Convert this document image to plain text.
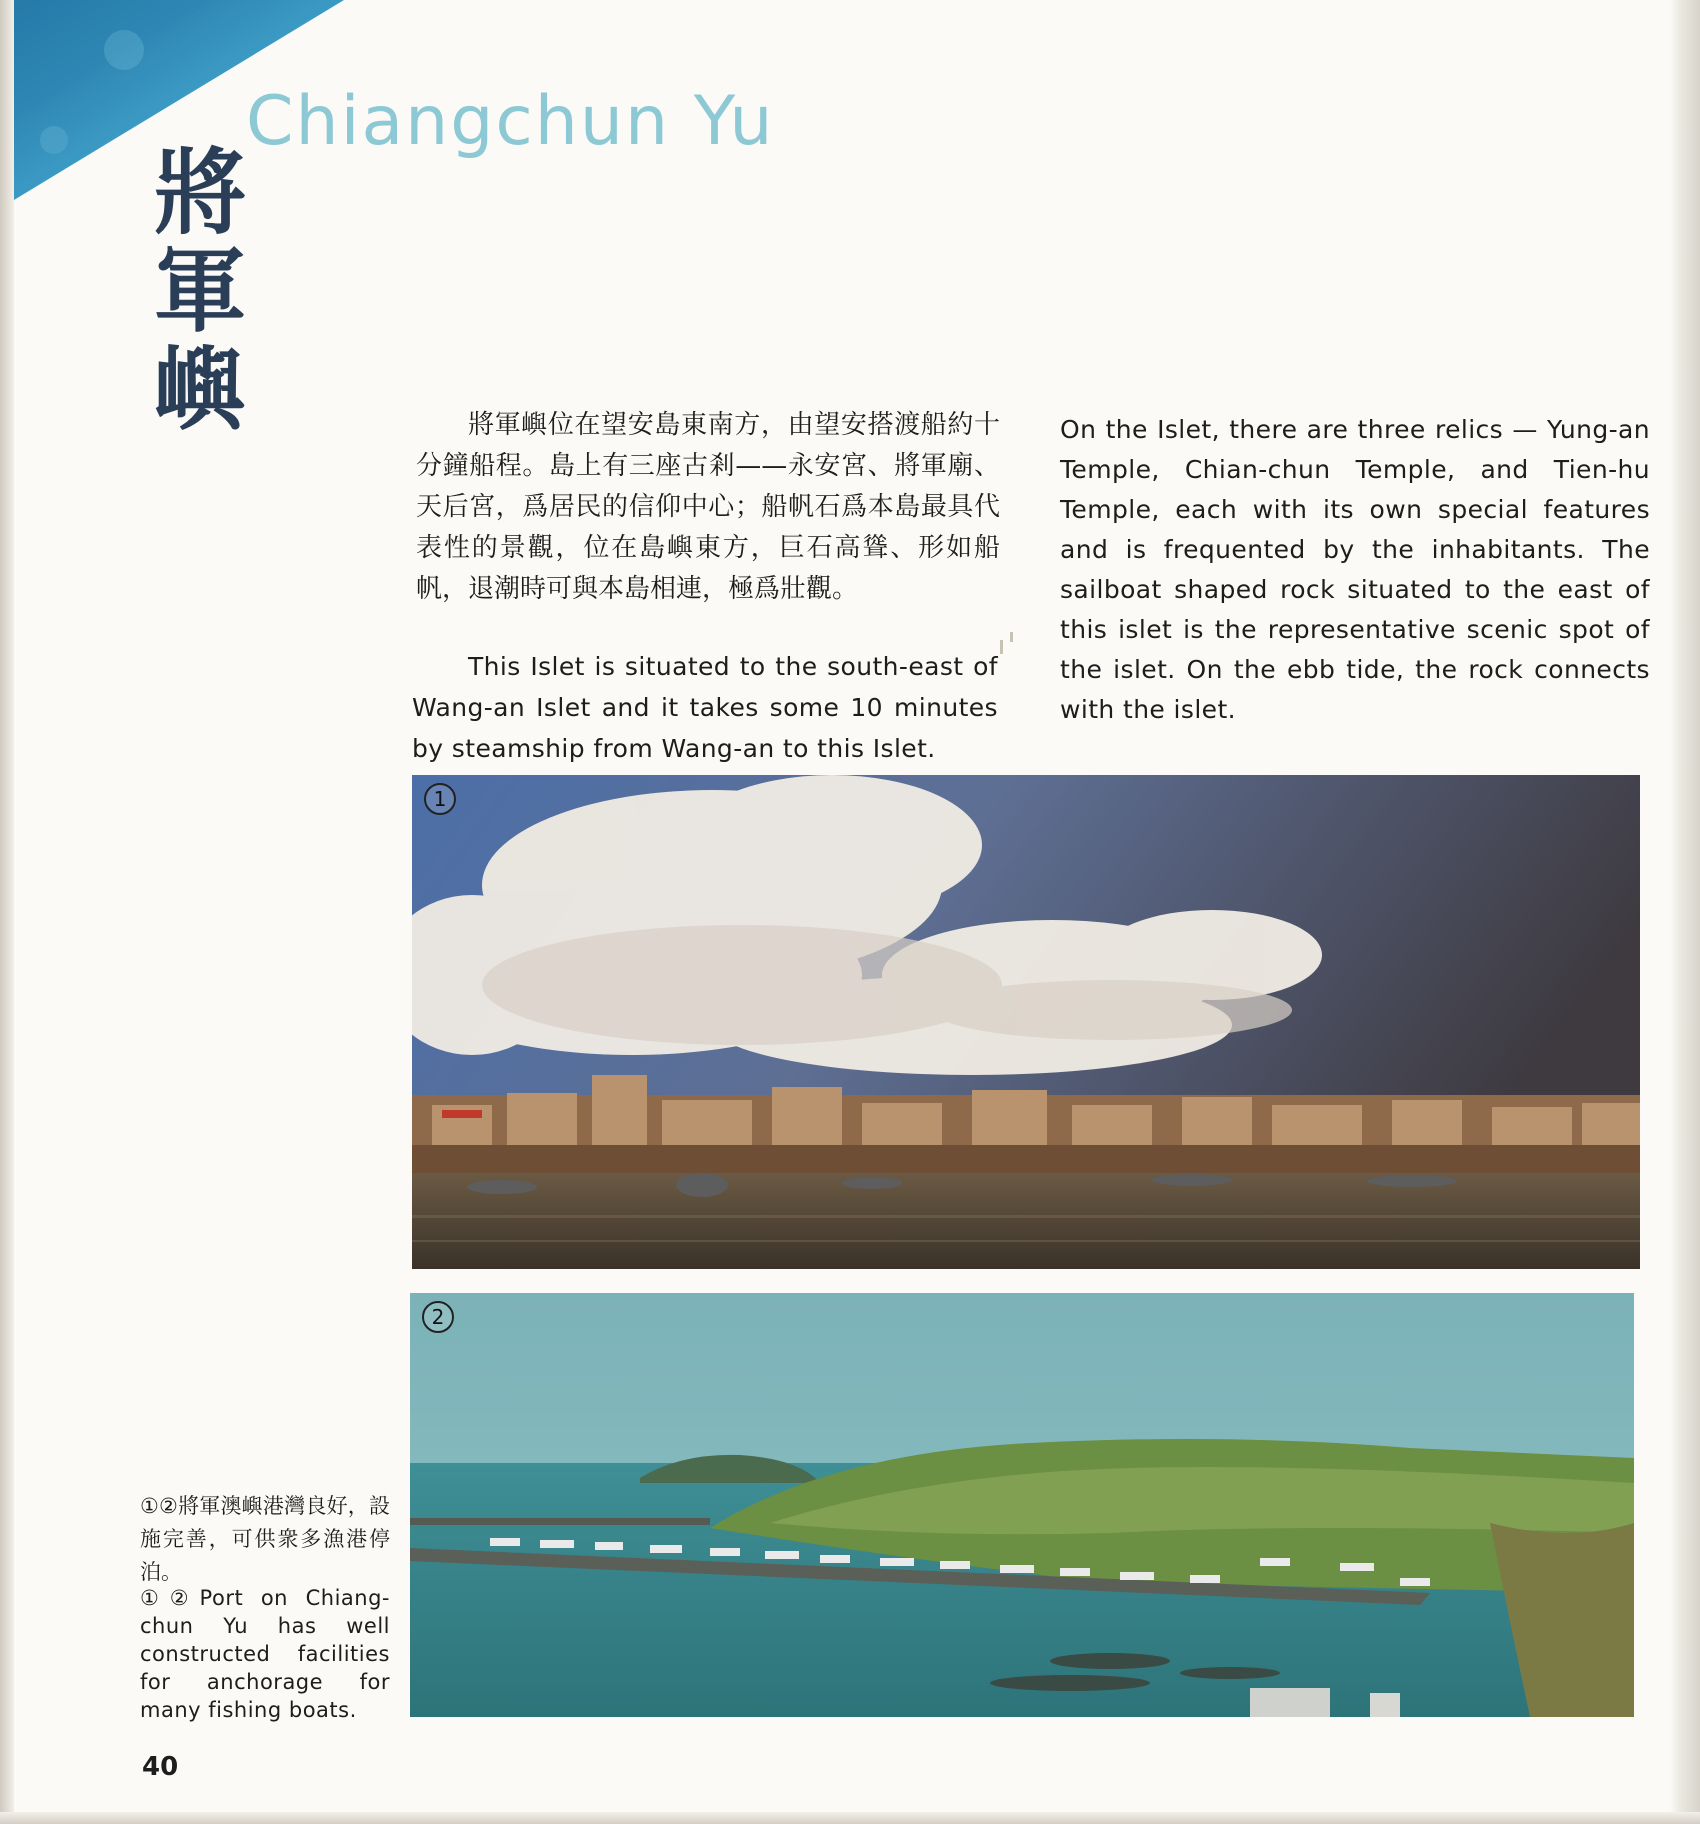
Chiangchun Yu
將
軍
嶼	將軍嶼位在望安島東南方，由望安搭渡船約十分鐘船程。島上有三座古剎——永安宮、將軍廟、天后宮，爲居民的信仰中心；船帆石爲本島最具代表性的景觀，位在島嶼東方，巨石高聳、形如船帆，退潮時可與本島相連，極爲壯觀。

This Islet is situated to the south-east of Wang-an Islet and it takes some 10 minutes by steamship from Wang-an to this Islet.

On the Islet, there are three relics — Yung-an Temple, Chian-chun Temple, and Tien-hu Temple, each with its own special features and is frequented by the inhabitants. The sailboat shaped rock situated to the east of this islet is the representative scenic spot of the islet. On the ebb tide, the rock connects with the islet.

1
2

①②將軍澳嶼港灣良好，設施完善，可供衆多漁港停泊。

①②Port on Chiang-chun Yu has well constructed facilities for anchorage for many fishing boats.

40
